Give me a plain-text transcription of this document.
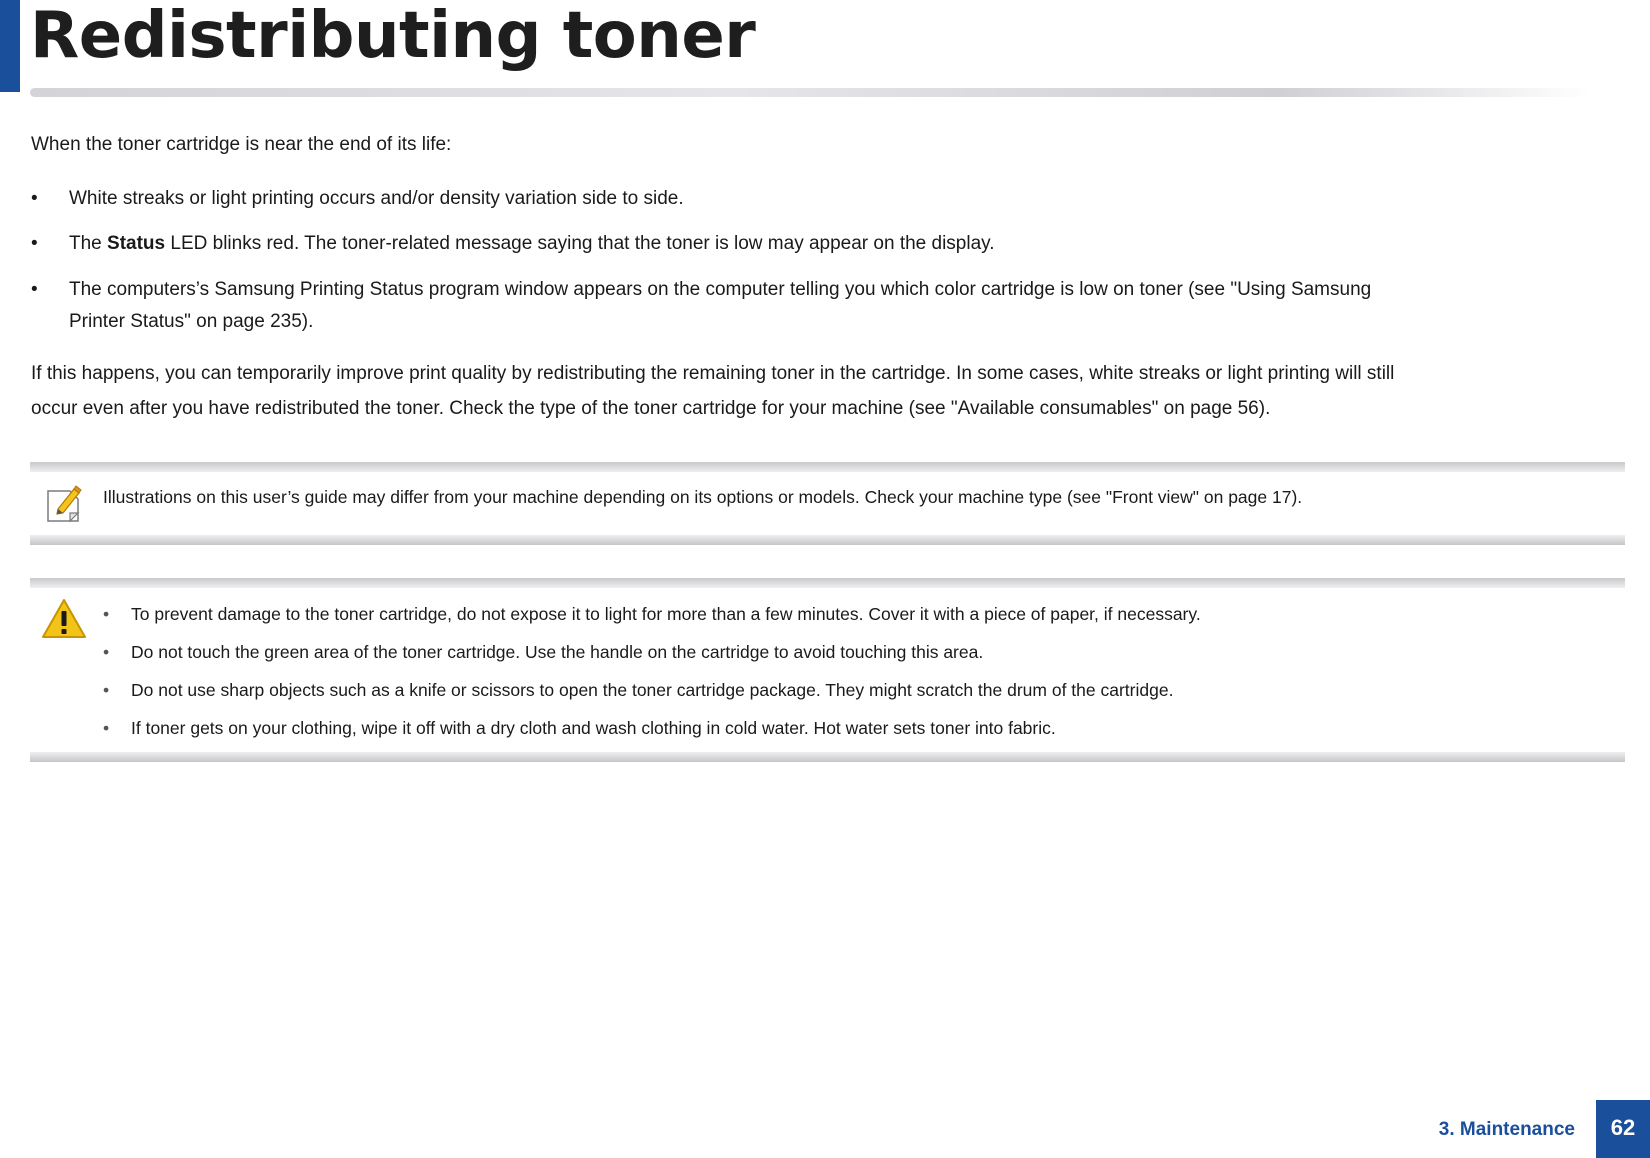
Redistributing toner
When the toner cartridge is near the end of its life:
• White streaks or light printing occurs and/or density variation side to side.
• The Status LED blinks red. The toner-related message saying that the toner is low may appear on the display.
• The computers’s Samsung Printing Status program window appears on the computer telling you which color cartridge is low on toner (see "Using Samsung
Printer Status" on page 235).
If this happens, you can temporarily improve print quality by redistributing the remaining toner in the cartridge. In some cases, white streaks or light printing will still
occur even after you have redistributed the toner. Check the type of the toner cartridge for your machine (see "Available consumables" on page 56).
Illustrations on this user’s guide may differ from your machine depending on its options or models. Check your machine type (see "Front view" on page 17).
• To prevent damage to the toner cartridge, do not expose it to light for more than a few minutes. Cover it with a piece of paper, if necessary.
• Do not touch the green area of the toner cartridge. Use the handle on the cartridge to avoid touching this area.
• Do not use sharp objects such as a knife or scissors to open the toner cartridge package. They might scratch the drum of the cartridge.
• If toner gets on your clothing, wipe it off with a dry cloth and wash clothing in cold water. Hot water sets toner into fabric.
3. Maintenance	62
